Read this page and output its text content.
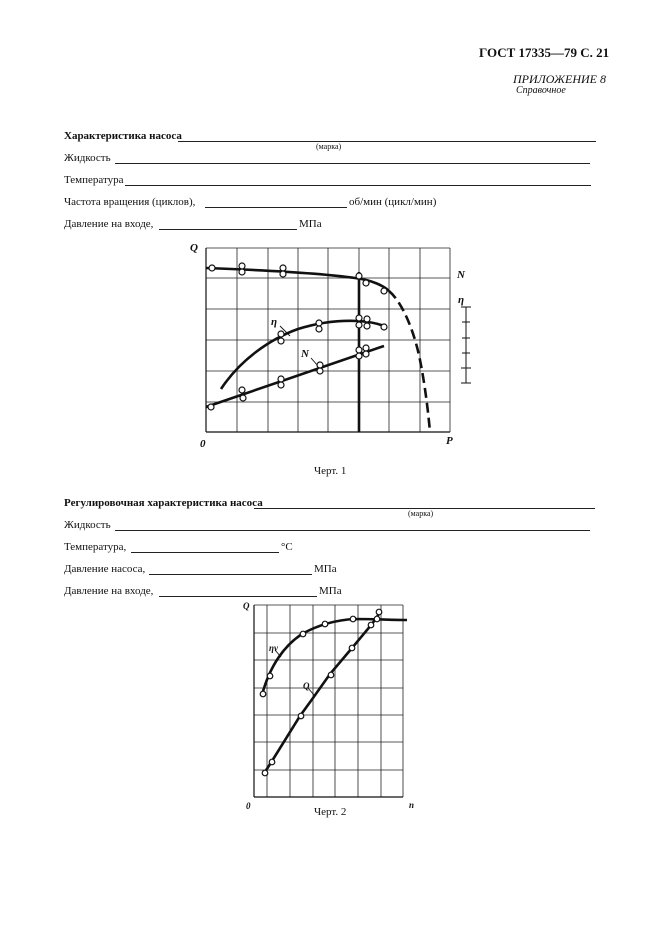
ГОСТ 17335—79 С. 21
ПРИЛОЖЕНИЕ 8
Справочное
Характеристика насоса
(марка)
Жидкость
Температура
Частота вращения (циклов),	об/мин (цикл/мин)
Давление на входе,	МПа
Черт. 1
Регулировочная характеристика насоса
(марка)
Жидкость
Температура,	°C
Давление насоса,	МПа
Давление на входе,	МПа
Черт. 2
Q
0	P
N
η
η
N
Q
0	n
ηv
Q
